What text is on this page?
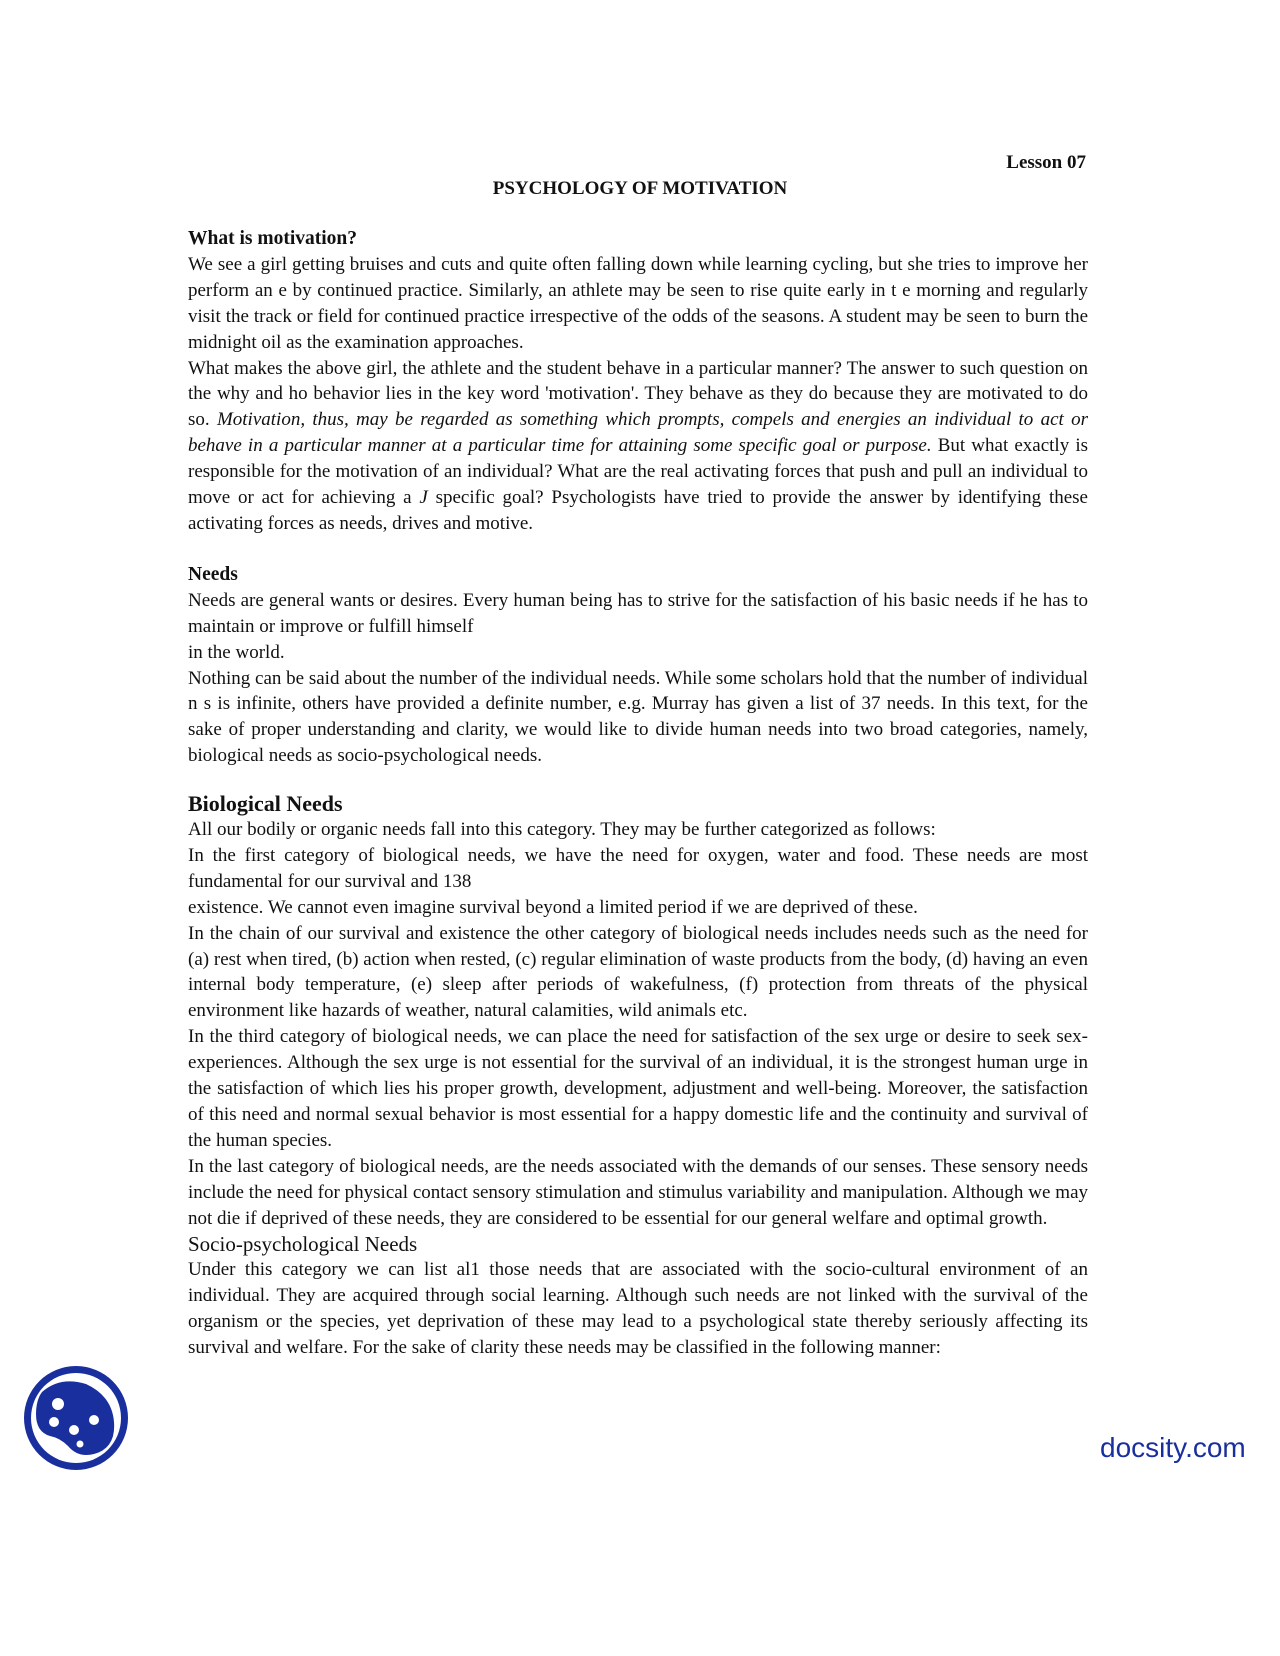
Lesson 07
PSYCHOLOGY OF MOTIVATION
What is motivation?

We see a girl getting bruises and cuts and quite often falling down while learning cycling, but she tries to improve her perform an e by continued practice. Similarly, an athlete may be seen to rise quite early in t e morning and regularly visit the track or field for continued practice irrespective of the odds of the seasons. A student may be seen to burn the midnight oil as the examination approaches.

What makes the above girl, the athlete and the student behave in a particular manner? The answer to such question on the why and ho behavior lies in the key word 'motivation'. They behave as they do because they are motivated to do so. Motivation, thus, may be regarded as something which prompts, compels and energies an individual to act or behave in a particular manner at a particular time for attaining some specific goal or purpose. But what exactly is responsible for the motivation of an individual? What are the real activating forces that push and pull an individual to move or act for achieving a J specific goal? Psychologists have tried to provide the answer by identifying these activating forces as needs, drives and motive.

Needs

Needs are general wants or desires. Every human being has to strive for the satisfaction of his basic needs if he has to maintain or improve or fulfill himself

in the world.

Nothing can be said about the number of the individual needs. While some scholars hold that the number of individual n s is infinite, others have provided a definite number, e.g. Murray has given a list of 37 needs. In this text, for the sake of proper understanding and clarity, we would like to divide human needs into two broad categories, namely, biological needs as socio-psychological needs.

Biological Needs

All our bodily or organic needs fall into this category. They may be further categorized as follows:

In the first category of biological needs, we have the need for oxygen, water and food. These needs are most fundamental for our survival and 138

existence. We cannot even imagine survival beyond a limited period if we are deprived of these.

In the chain of our survival and existence the other category of biological needs includes needs such as the need for (a) rest when tired, (b) action when rested, (c) regular elimination of waste products from the body, (d) having an even internal body temperature, (e) sleep after periods of wakefulness, (f) protection from threats of the physical environment like hazards of weather, natural calamities, wild animals etc.

In the third category of biological needs, we can place the need for satisfaction of the sex urge or desire to seek sex-experiences. Although the sex urge is not essential for the survival of an individual, it is the strongest human urge in the satisfaction of which lies his proper growth, development, adjustment and well-being. Moreover, the satisfaction of this need and normal sexual behavior is most essential for a happy domestic life and the continuity and survival of the human species.

In the last category of biological needs, are the needs associated with the demands of our senses. These sensory needs include the need for physical contact sensory stimulation and stimulus variability and manipulation. Although we may not die if deprived of these needs, they are considered to be essential for our general welfare and optimal growth.

Socio-psychological Needs

Under this category we can list al1 those needs that are associated with the socio-cultural environment of an individual. They are acquired through social learning. Although such needs are not linked with the survival of the organism or the species, yet deprivation of these may lead to a psychological state thereby seriously affecting its survival and welfare. For the sake of clarity these needs may be classified in the following manner:

docsity.com
